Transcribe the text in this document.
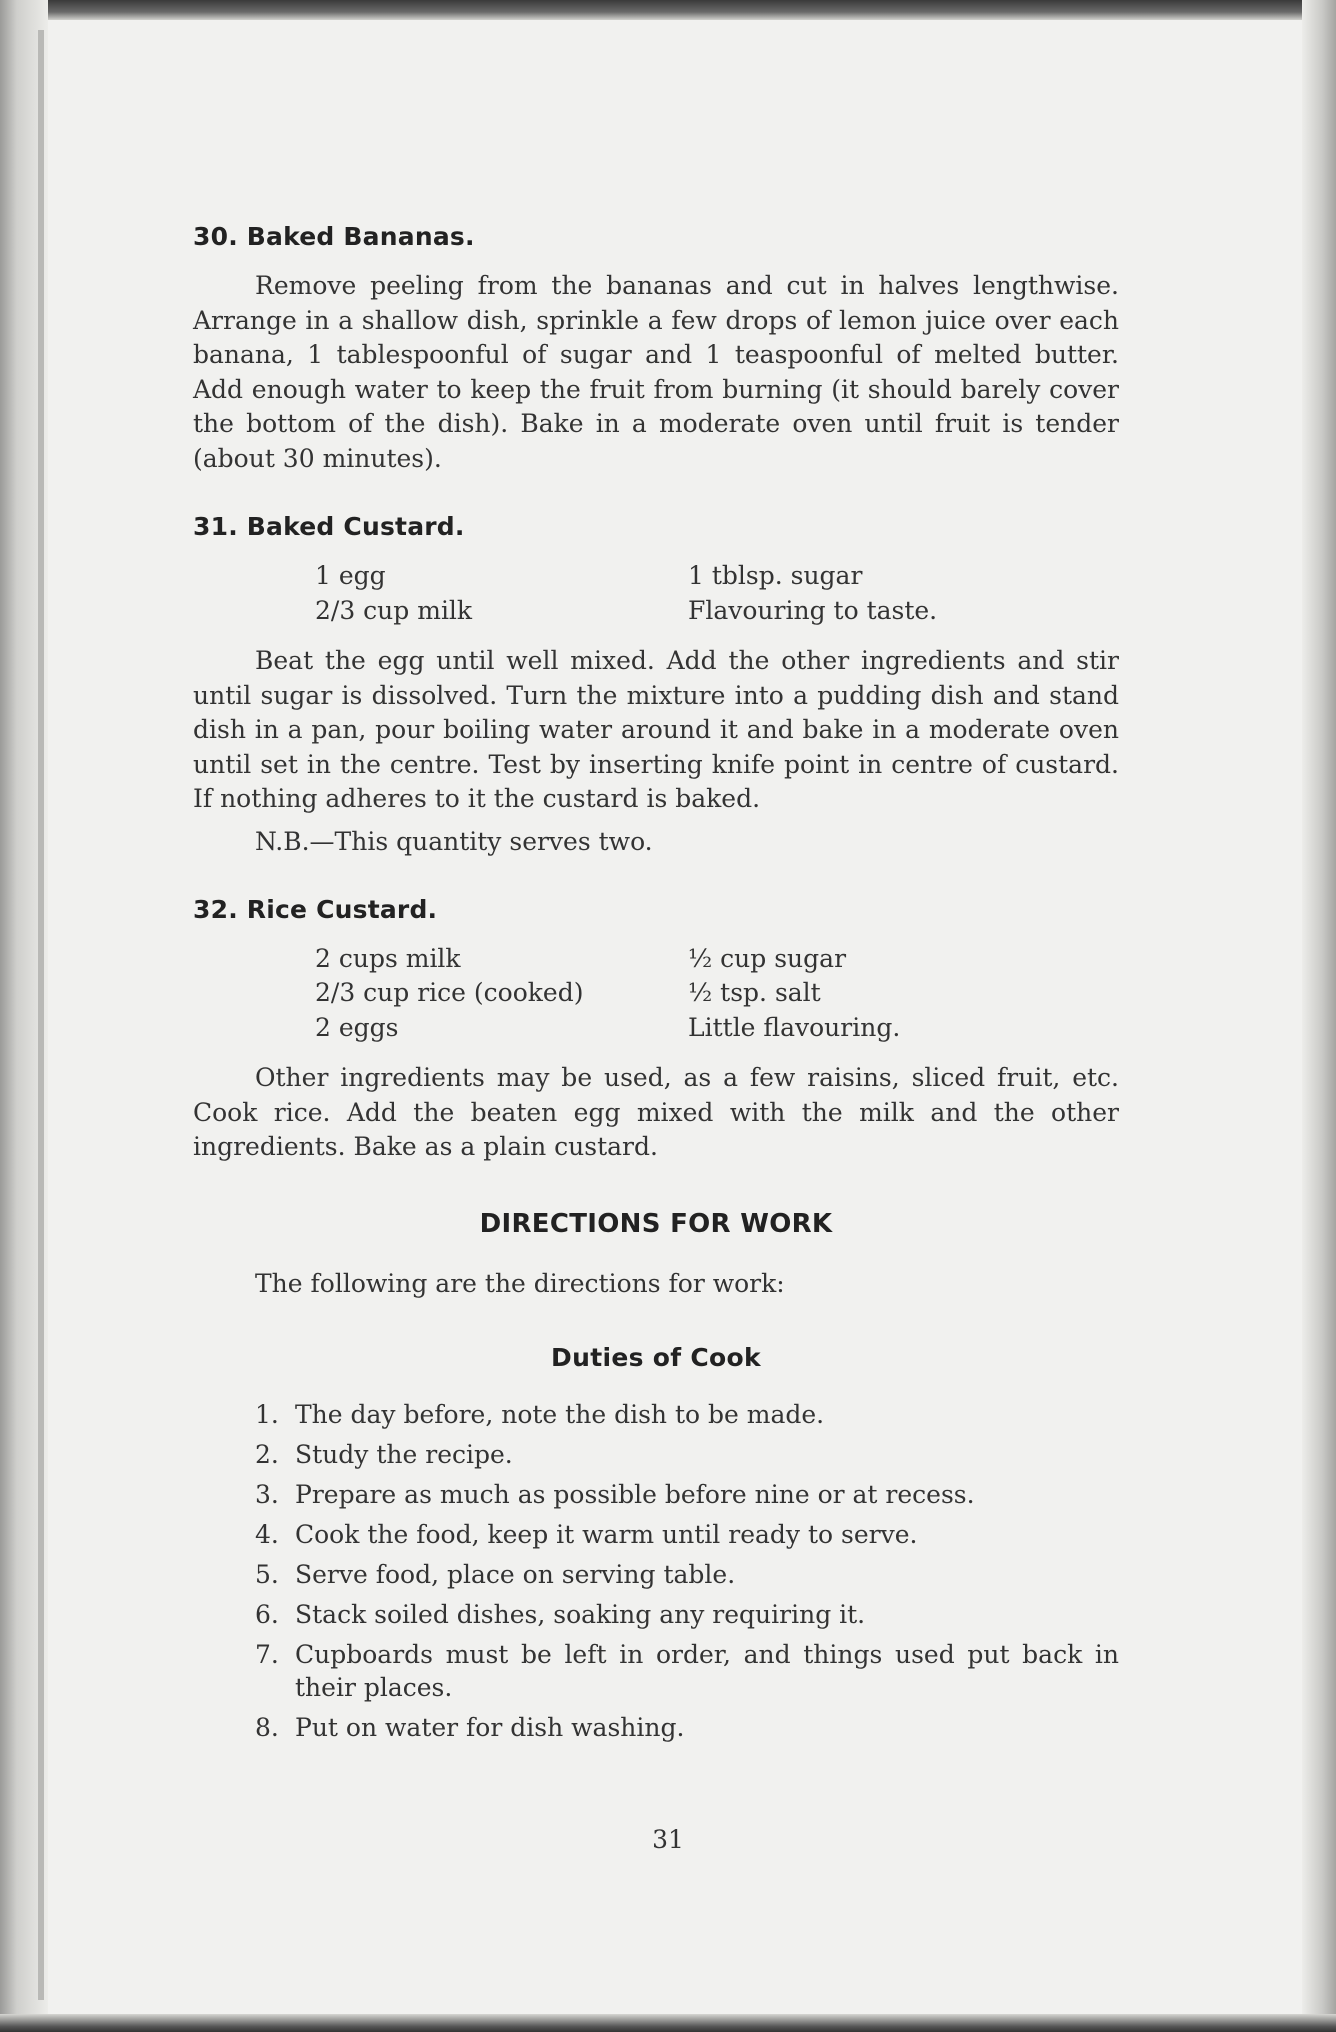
30. Baked Bananas.

Remove peeling from the bananas and cut in halves lengthwise. Arrange in a shallow dish, sprinkle a few drops of lemon juice over each banana, 1 tablespoonful of sugar and 1 teaspoonful of melted butter. Add enough water to keep the fruit from burning (it should barely cover the bottom of the dish). Bake in a moderate oven until fruit is tender (about 30 minutes).

31. Baked Custard.
1 egg	1 tblsp. sugar
2/3 cup milk	Flavouring to taste.

Beat the egg until well mixed. Add the other ingredients and stir until sugar is dissolved. Turn the mixture into a pudding dish and stand dish in a pan, pour boiling water around it and bake in a moderate oven until set in the centre. Test by inserting knife point in centre of custard. If nothing adheres to it the custard is baked.

N.B.—This quantity serves two.
32. Rice Custard.
2 cups milk	½ cup sugar
2/3 cup rice (cooked)	½ tsp. salt
2 eggs	Little flavouring.

Other ingredients may be used, as a few raisins, sliced fruit, etc. Cook rice. Add the beaten egg mixed with the milk and the other ingredients. Bake as a plain custard.

DIRECTIONS FOR WORK
The following are the directions for work:
Duties of Cook
1. The day before, note the dish to be made.
2. Study the recipe.
3. Prepare as much as possible before nine or at recess.
4. Cook the food, keep it warm until ready to serve.
5. Serve food, place on serving table.
6. Stack soiled dishes, soaking any requiring it.
7. Cupboards must be left in order, and things used put back in their places.
8. Put on water for dish washing.
31
